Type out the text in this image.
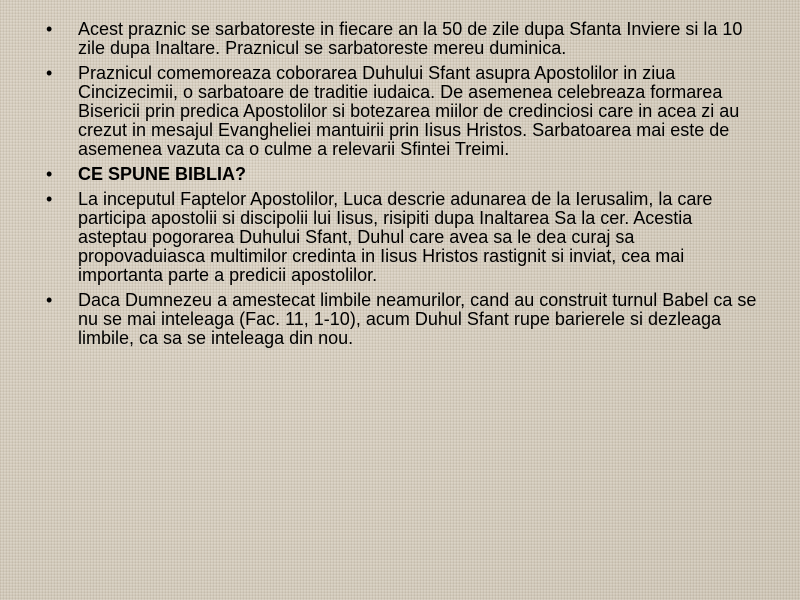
•	Acest praznic se sarbatoreste in fiecare an la 50 de zile dupa Sfanta Inviere si la 10 zile dupa Inaltare. Praznicul se sarbatoreste mereu duminica.
•	Praznicul comemoreaza coborarea Duhului Sfant asupra Apostolilor in ziua Cincizecimii, o sarbatoare de traditie iudaica. De asemenea celebreaza formarea Bisericii prin predica Apostolilor si botezarea miilor de credinciosi care in acea zi au crezut in mesajul Evangheliei mantuirii prin Iisus Hristos. Sarbatoarea mai este de asemenea vazuta ca o culme a relevarii Sfintei Treimi.
•	CE SPUNE BIBLIA?
•	La inceputul Faptelor Apostolilor, Luca descrie adunarea de la Ierusalim, la care participa apostolii si discipolii lui Iisus, risipiti dupa Inaltarea Sa la cer. Acestia asteptau pogorarea Duhului Sfant, Duhul care avea sa le dea curaj sa propovaduiasca multimilor credinta in Iisus Hristos rastignit si inviat, cea mai importanta parte a predicii apostolilor.
•	Daca Dumnezeu a amestecat limbile neamurilor, cand au construit turnul Babel ca se nu se mai inteleaga (Fac. 11, 1-10), acum Duhul Sfant rupe barierele si dezleaga limbile, ca sa se inteleaga din nou.
